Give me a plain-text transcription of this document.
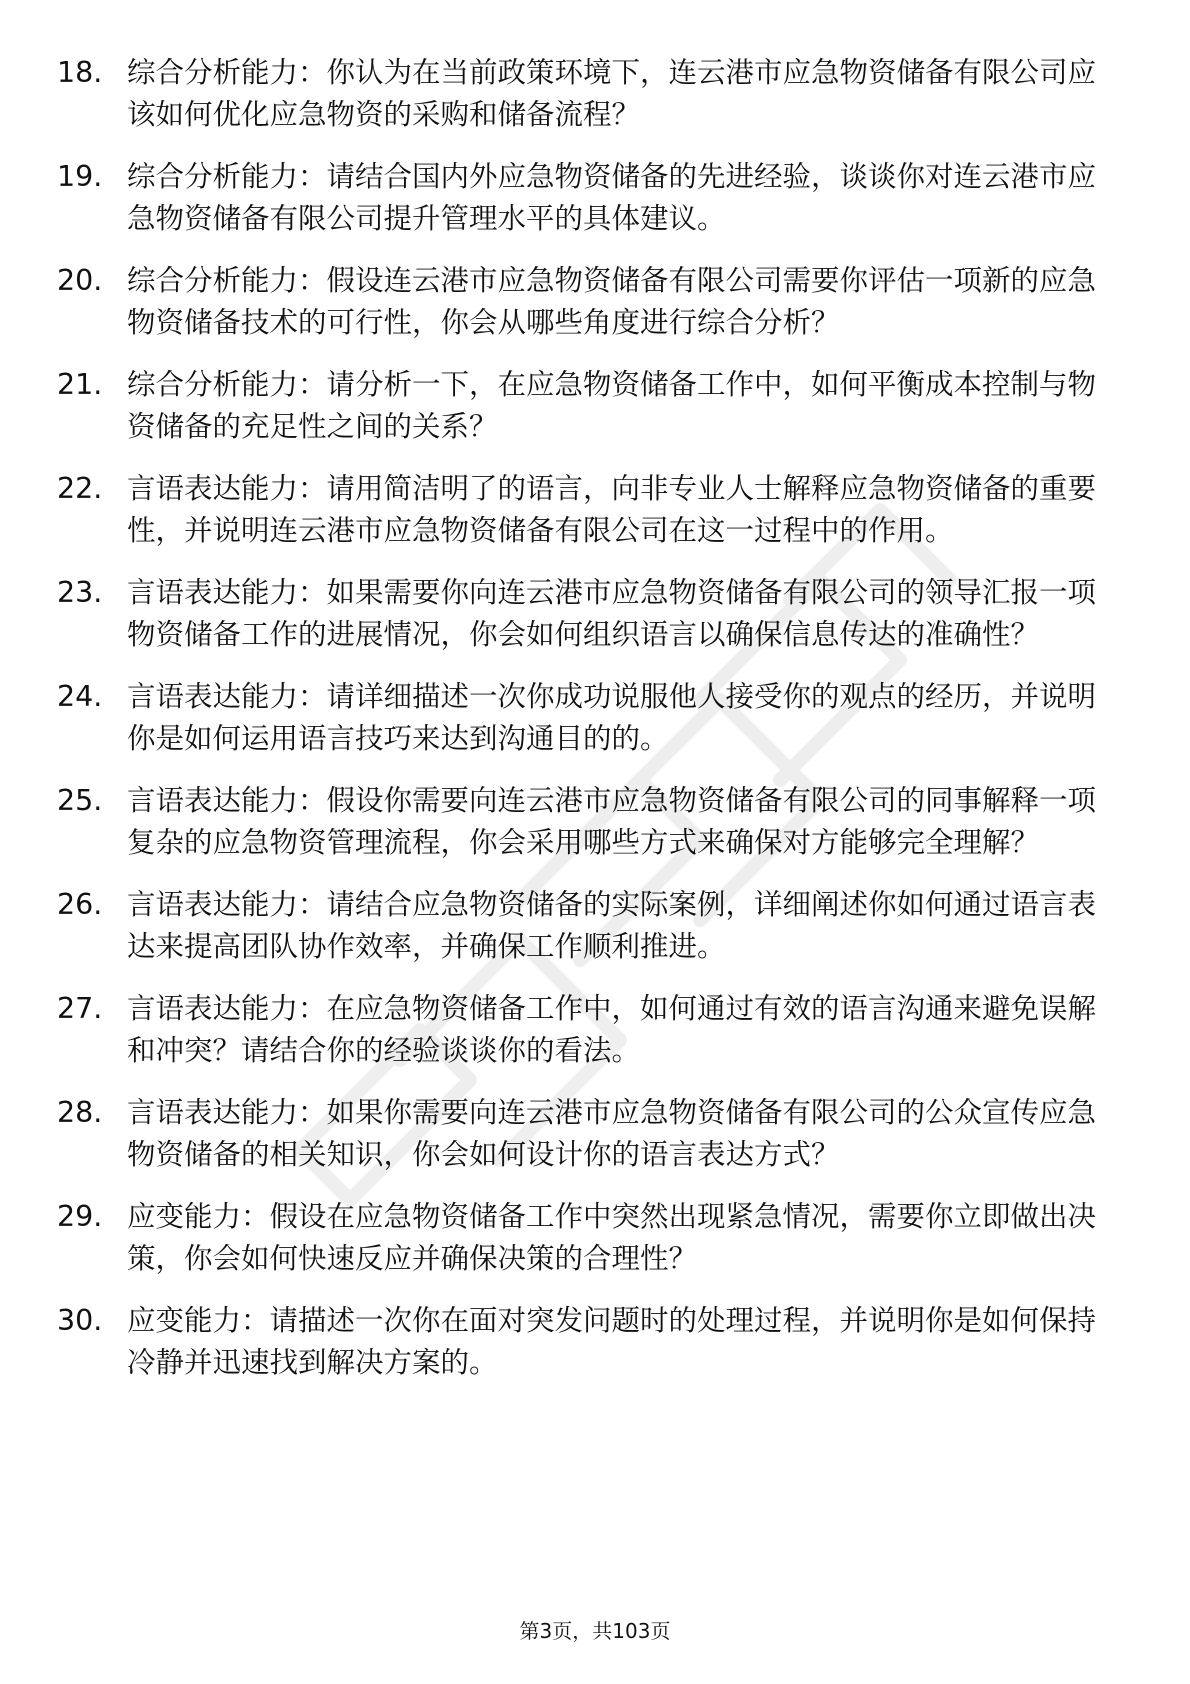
18. 综合分析能力：你认为在当前政策环境下，连云港市应急物资储备有限公司应该如何优化应急物资的采购和储备流程？
19. 综合分析能力：请结合国内外应急物资储备的先进经验，谈谈你对连云港市应急物资储备有限公司提升管理水平的具体建议。
20. 综合分析能力：假设连云港市应急物资储备有限公司需要你评估一项新的应急物资储备技术的可行性，你会从哪些角度进行综合分析？
21. 综合分析能力：请分析一下，在应急物资储备工作中，如何平衡成本控制与物资储备的充足性之间的关系？
22. 言语表达能力：请用简洁明了的语言，向非专业人士解释应急物资储备的重要性，并说明连云港市应急物资储备有限公司在这一过程中的作用。
23. 言语表达能力：如果需要你向连云港市应急物资储备有限公司的领导汇报一项物资储备工作的进展情况，你会如何组织语言以确保信息传达的准确性？
24. 言语表达能力：请详细描述一次你成功说服他人接受你的观点的经历，并说明你是如何运用语言技巧来达到沟通目的的。
25. 言语表达能力：假设你需要向连云港市应急物资储备有限公司的同事解释一项复杂的应急物资管理流程，你会采用哪些方式来确保对方能够完全理解？
26. 言语表达能力：请结合应急物资储备的实际案例，详细阐述你如何通过语言表达来提高团队协作效率，并确保工作顺利推进。
27. 言语表达能力：在应急物资储备工作中，如何通过有效的语言沟通来避免误解和冲突？请结合你的经验谈谈你的看法。
28. 言语表达能力：如果你需要向连云港市应急物资储备有限公司的公众宣传应急物资储备的相关知识，你会如何设计你的语言表达方式？
29. 应变能力：假设在应急物资储备工作中突然出现紧急情况，需要你立即做出决策，你会如何快速反应并确保决策的合理性？
30. 应变能力：请描述一次你在面对突发问题时的处理过程，并说明你是如何保持冷静并迅速找到解决方案的。
第3页，共103页
